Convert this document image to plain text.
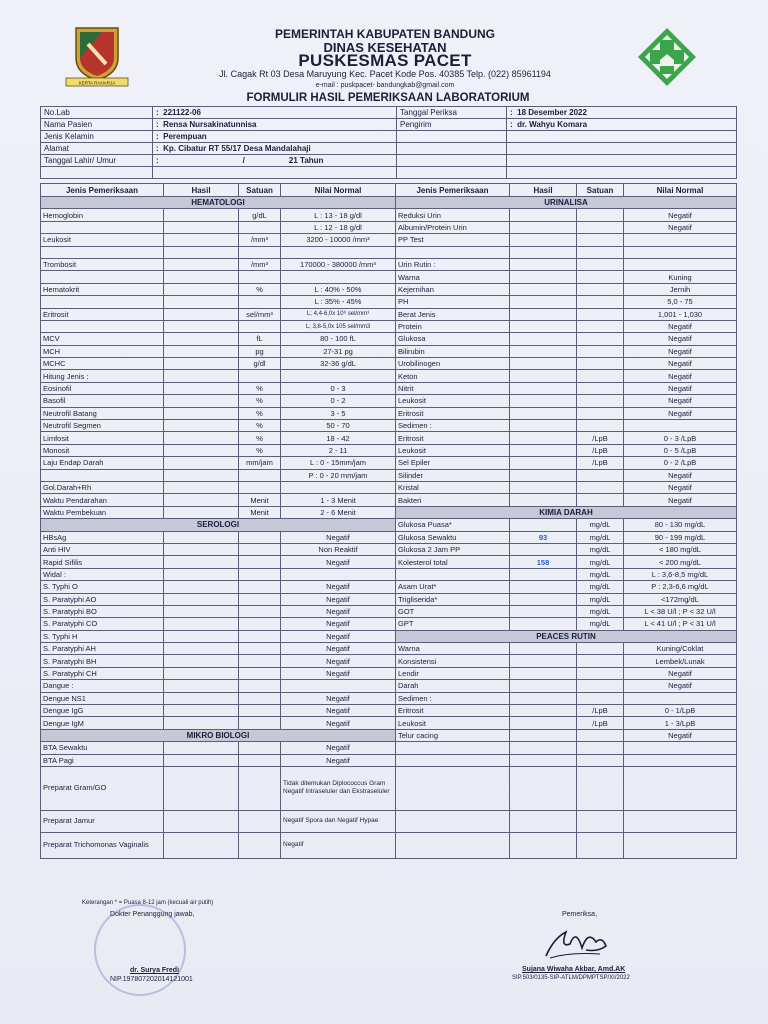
KERTA RAHARJA
PEMERINTAH KABUPATEN BANDUNG
DINAS KESEHATAN
PUSKESMAS PACET
Jl. Cagak Rt 03 Desa Maruyung Kec. Pacet Kode Pos. 40385 Telp. (022) 85961194
e-mail : puskpacet- bandungkab@gmail.com
FORMULIR HASIL PEMERIKSAAN LABORATORIUM
No.Lab	: 221122-06	Tanggal Periksa	: 18 Desember 2022
Nama Pasien	: Rensa Nursakinatunnisa	Pengirim	: dr. Wahyu Komara
Jenis Kelamin	: Perempuan		
Alamat	: Kp. Cibatur RT 55/17 Desa Mandalahaji		
Tanggal Lahir/ Umur	: / 21 Tahun		

Jenis Pemeriksaan	Hasil	Satuan	Nilai Normal	Jenis Pemeriksaan	Hasil	Satuan	Nilai Normal
HEMATOLOGI				URINALISA			
Hemoglobin		g/dL	L : 13 - 18 g/dl	Reduksi Urin			Negatif
			L : 12 - 18 g/dl	Albumin/Protein Urin			Negatif
Leukosit		/mm³	3200 - 10000 /mm³	PP Test			

Trombosit		/mm³	170000 - 380000 /mm³	Urin Rutin :			
				Warna			Kuning
Hematokrit		%	L : 40% - 50%	Kejernihan			Jernih
			L : 35% - 45%	PH			5,0 - 75
Eritrosit		sel/mm³	L; 4,4-6,0x 10⁶ sel/mm³	Berat Jenis			1,001 - 1,030
			L; 3,8-5,0x 105 sel/mm3	Protein			Negatif
MCV		fL	80 - 100 fL	Glukosa			Negatif
MCH		pg	27-31 pg	Bilirubin			Negatif
MCHC		g/dl	32-36 g/dL	Urobilinogen			Negatif
Hitung Jenis :				Keton			Negatif
Eosinofil		%	0 - 3	Nitrit			Negatif
Basofil		%	0 - 2	Leukosit			Negatif
Neutrofil Batang		%	3 - 5	Eritrosit			Negatif
Neutrofil Segmen		%	50 - 70	Sedimen :			
Limfosit		%	18 - 42	Eritrosit		/LpB	0 - 3 /LpB
Monosit		%	2 - 11	Leukosit		/LpB	0 - 5 /LpB
Laju Endap Darah		mm/jam	L : 0 - 15mm/jam	Sel Epiler		/LpB	0 - 2 /LpB
			P : 0 - 20 mm/jam	Silinder			Negatif
Gol.Darah+Rh				Kristal			Negatif
Waktu Pendarahan		Menit	1 - 3 Menit	Bakteri			Negatif
Waktu Pembekuan		Menit	2 - 6 Menit	KIMIA DARAH			
SEROLOGI				Glukosa Puasa*		mg/dL	80 - 130 mg/dL
HBsAg			Negatif	Glukosa Sewaktu	93	mg/dL	90 - 199 mg/dL
Anti HIV			Non Reaktif	Glukosa 2 Jam PP		mg/dL	< 180 mg/dL
Rapid Sifilis			Negatif	Kolesterol total	158	mg/dL	< 200 mg/dL
Widal :						mg/dL	L : 3,6-8,5 mg/dL
S. Typhi O			Negatif	Asam Urat*		mg/dL	P : 2,3-6,6 mg/dL
S. Paratyphi AO			Negatif	Trigliserida*		mg/dL	<172mg/dL
S. Paratyphi BO			Negatif	GOT		mg/dL	L < 38 U/l ; P < 32 U/l
S. Paratyphi CO			Negatif	GPT		mg/dL	L < 41 U/l ; P < 31 U/l
S. Typhi H			Negatif	PEACES RUTIN			
S. Paratyphi AH			Negatif	Warna			Kuning/Coklat
S. Paratyphi BH			Negatif	Konsistensi			Lembek/Lunak
S. Paratyphi CH			Negatif	Lendir			Negatif
Dangue :				Darah			Negatif
Dengue NS1			Negatif	Sedimen :			
Dengue IgG			Negatif	Eritrosit		/LpB	0 - 1/LpB
Dengue IgM			Negatif	Leukosit		/LpB	1 - 3/LpB
MIKRO BIOLOGI				Telur cacing			Negatif
BTA Sewaktu			Negatif				
BTA Pagi			Negatif				
Preparat Gram/GO			Tidak ditemukan Diplococcus Gram Negatif Intraseluler dan Ekstraseluler				
Preparat Jamur			Negatif Spora dan Negatif Hypae				
Preparat Trichomonas Vaginalis			Negatif				
Keterangan * = Puasa 8-12 jam (kecuali air putih)
Dokter Penanggung jawab,
dr. Surya Fredi
NIP.197807202014121001
Pemeriksa,
Sujana Wiwaha Akbar, Amd.AK
SIP.503/0135-SIP-ATLM/DPMPTSP/XI/2022
